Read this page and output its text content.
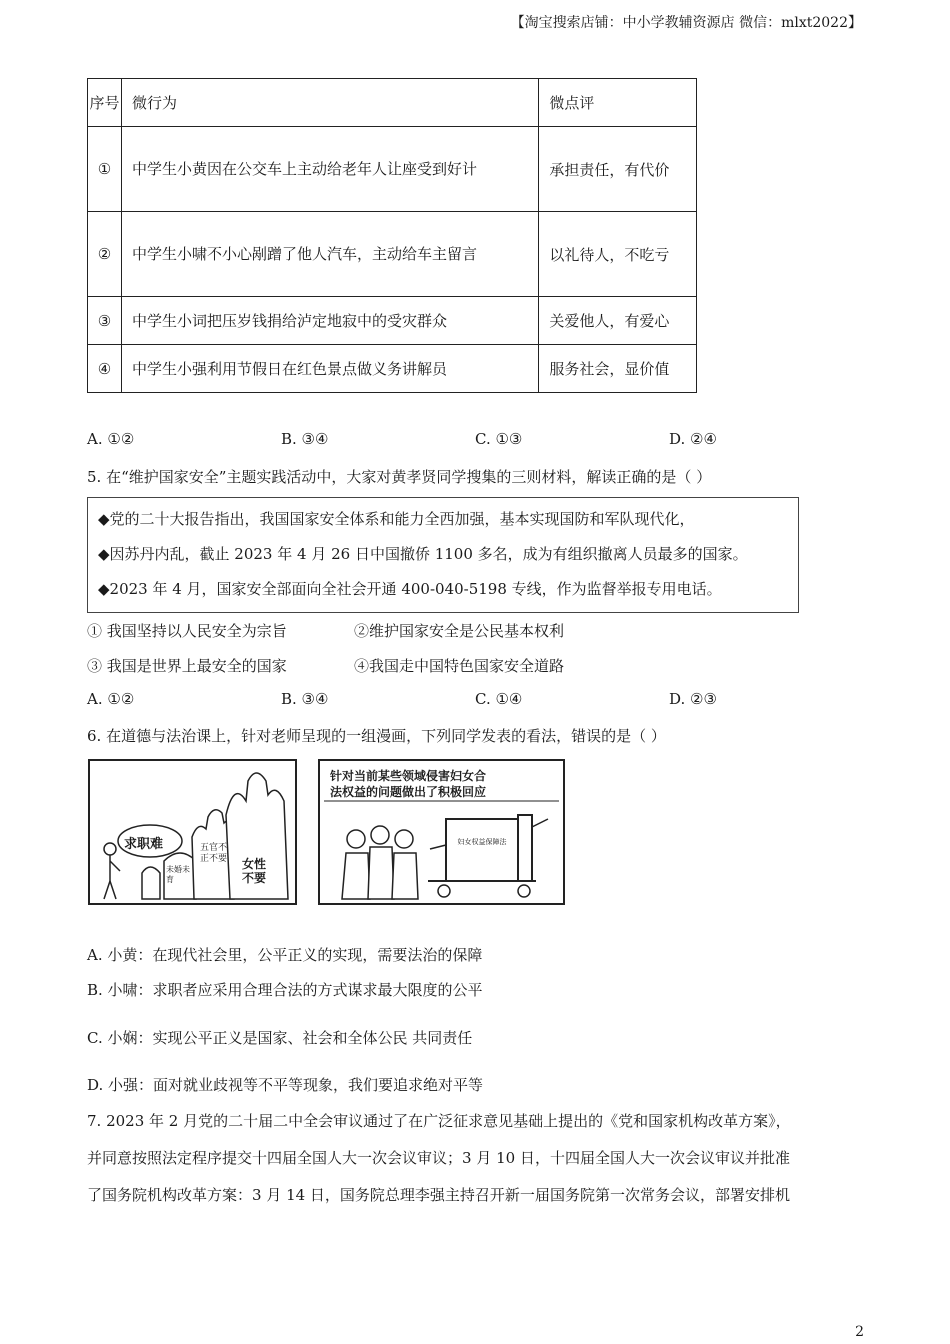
【淘宝搜索店铺：中小学教辅资源店 微信：mlxt2022】
序号	微行为	微点评
①	中学生小黄因在公交车上主动给老年人让座受到好计	承担责任，有代价
②	中学生小啸不小心剐蹭了他人汽车，主动给车主留言	以礼待人，不吃亏
③	中学生小词把压岁钱捐给泸定地寂中的受灾群众	关爱他人，有爱心
④	中学生小强利用节假日在红色景点做义务讲解员	服务社会，显价值
A. ①②	B. ③④	C. ①③	D. ②④
5. 在“维护国家安全”主题实践活动中，大家对黄孝贤同学搜集的三则材料，解读正确的是（ ）
◆党的二十大报告指出，我国国家安全体系和能力全西加强，基本实现国防和军队现代化，
◆因苏丹内乱，截止 2023 年 4 月 26 日中国撤侨 1100 多名，成为有组织撤离人员最多的国家。
◆2023 年 4 月，国家安全部面向全社会开通 400-040-5198 专线，作为监督举报专用电话。
① 我国坚持以人民安全为宗旨	②维护国家安全是公民基本权利
③ 我国是世界上最安全的国家	④我国走中国特色国家安全道路
A. ①②	B. ③④	C. ①④	D. ②③
6. 在道德与法治课上，针对老师呈现的一组漫画，下列同学发表的看法，错误的是（ ）
求职难
未婚未育
五官不正不要 女性不要
针对当前某些领域侵害妇女合
法权益的问题做出了积极回应
妇女权益保障法
A. 小黄：在现代社会里，公平正义的实现，需要法治的保障
B. 小啸：求职者应采用合理合法的方式谋求最大限度的公平
C. 小娴：实现公平正义是国家、社会和全体公民 共同责任
D. 小强：面对就业歧视等不平等现象，我们要追求绝对平等
7. 2023 年 2 月党的二十届二中全会审议通过了在广泛征求意见基础上提出的《党和国家机构改革方案》，
并同意按照法定程序提交十四届全国人大一次会议审议；3 月 10 日，十四届全国人大一次会议审议并批准
了国务院机构改革方案：3 月 14 日，国务院总理李强主持召开新一届国务院第一次常务会议，部署安排机
2
